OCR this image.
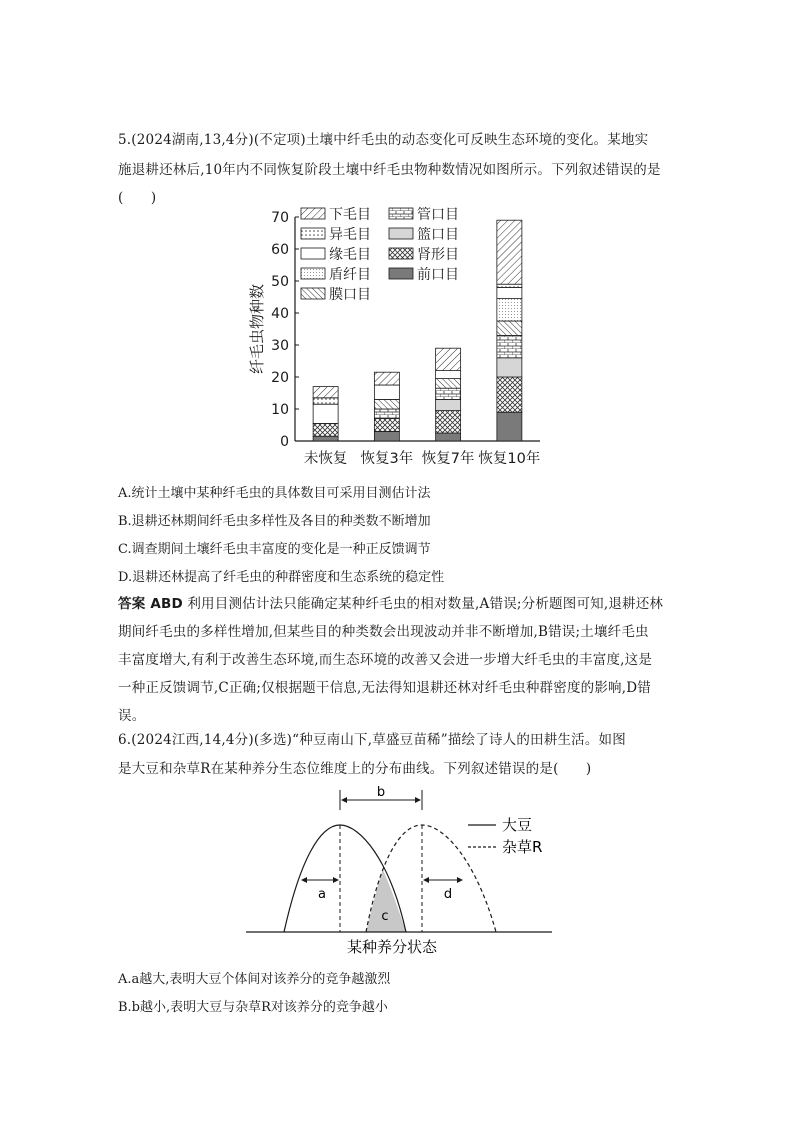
5.(2024湖南,13,4分)(不定项)土壤中纤毛虫的动态变化可反映生态环境的变化。某地实
施退耕还林后,10年内不同恢复阶段土壤中纤毛虫物种数情况如图所示。下列叙述错误的是
(　　)
0
10
20
30
40
50
60
70
纤毛虫物种数
未恢复 恢复3年 恢复7年 恢复10年
下毛目
异毛目
缘毛目
盾纤目
膜口目
管口目
篮口目
肾形目
前口目
A.统计土壤中某种纤毛虫的具体数目可采用目测估计法
B.退耕还林期间纤毛虫多样性及各目的种类数不断增加
C.调查期间土壤纤毛虫丰富度的变化是一种正反馈调节
D.退耕还林提高了纤毛虫的种群密度和生态系统的稳定性
答案 ABD 利用目测估计法只能确定某种纤毛虫的相对数量,A错误;分析题图可知,退耕还林
期间纤毛虫的多样性增加,但某些目的种类数会出现波动并非不断增加,B错误;土壤纤毛虫
丰富度增大,有利于改善生态环境,而生态环境的改善又会进一步增大纤毛虫的丰富度,这是
一种正反馈调节,C正确;仅根据题干信息,无法得知退耕还林对纤毛虫种群密度的影响,D错
误。
6.(2024江西,14,4分)(多选)“种豆南山下,草盛豆苗稀”描绘了诗人的田耕生活。如图
是大豆和杂草R在某种养分生态位维度上的分布曲线。下列叙述错误的是(　　)
b
a	d
c
大豆
杂草R
某种养分状态
A.a越大,表明大豆个体间对该养分的竞争越激烈
B.b越小,表明大豆与杂草R对该养分的竞争越小
